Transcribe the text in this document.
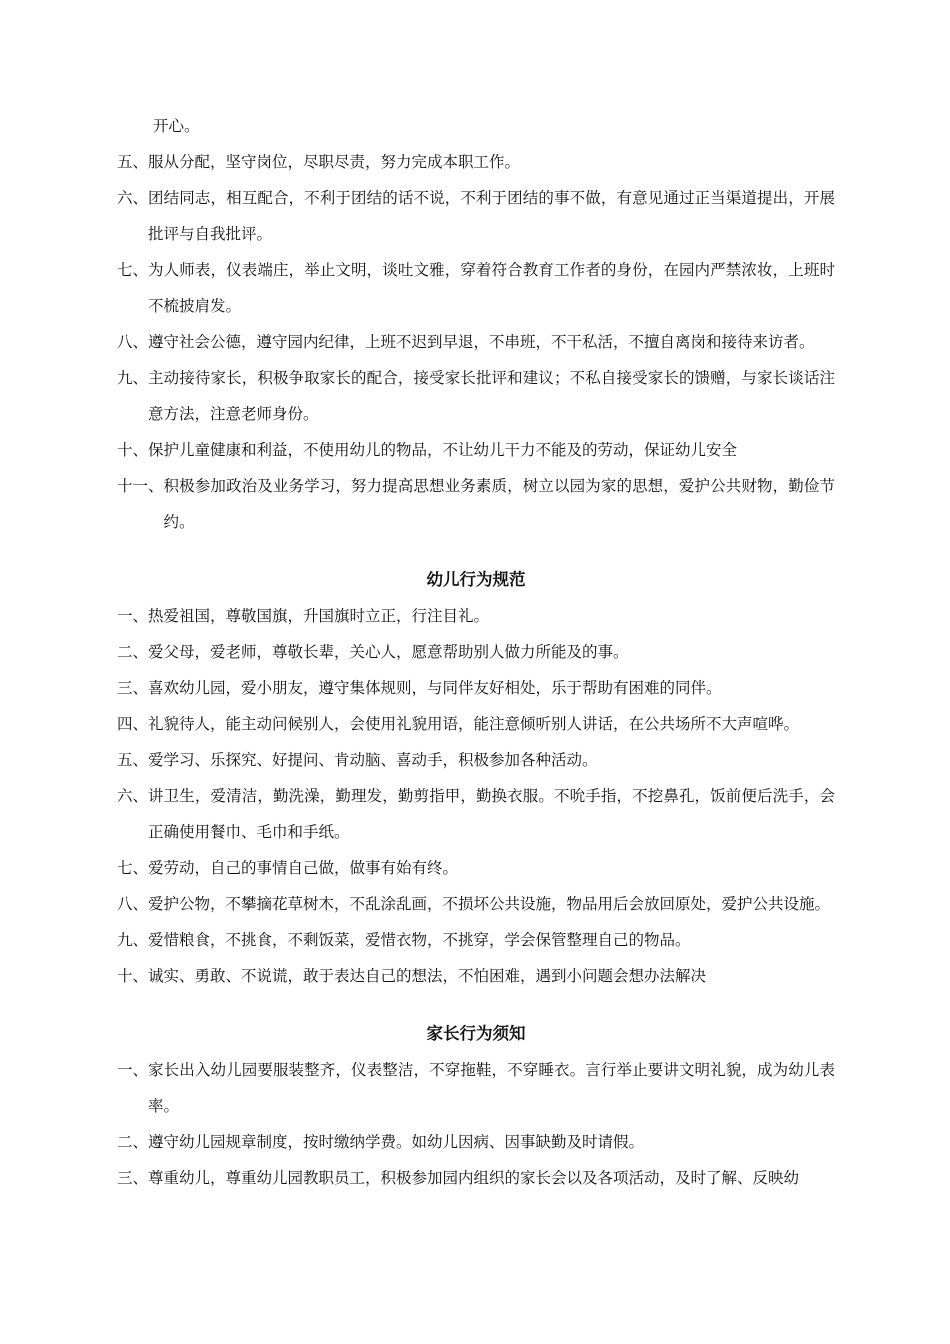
开心。
五、 服从分配，坚守岗位，尽职尽责，努力完成本职工作。
六、 团结同志，相互配合，不利于团结的话不说，不利于团结的事不做，有意见通过正当渠道提出，开展批评与自我批评。
七、 为人师表，仪表端庄，举止文明，谈吐文雅，穿着符合教育工作者的身份，在园内严禁浓妆，上班时不梳披肩发。
八、 遵守社会公德，遵守园内纪律，上班不迟到早退，不串班，不干私活，不擅自离岗和接待来访者。
九、 主动接待家长，积极争取家长的配合，接受家长批评和建议；不私自接受家长的馈赠，与家长谈话注意方法，注意老师身份。
十、 保护儿童健康和利益，不使用幼儿的物品，不让幼儿干力不能及的劳动，保证幼儿安全
十一、 积极参加政治及业务学习，努力提高思想业务素质，树立以园为家的思想，爱护公共财物，勤俭节约。
幼儿行为规范
一、 热爱祖国，尊敬国旗，升国旗时立正，行注目礼。
二、 爱父母，爱老师，尊敬长辈，关心人，愿意帮助别人做力所能及的事。
三、 喜欢幼儿园，爱小朋友，遵守集体规则，与同伴友好相处，乐于帮助有困难的同伴。
四、 礼貌待人，能主动问候别人，会使用礼貌用语，能注意倾听别人讲话，在公共场所不大声喧哗。
五、 爱学习、乐探究、好提问、肯动脑、喜动手，积极参加各种活动。
六、 讲卫生，爱清洁，勤洗澡，勤理发，勤剪指甲，勤换衣服。不吮手指，不挖鼻孔，饭前便后洗手，会正确使用餐巾、毛巾和手纸。
七、 爱劳动，自己的事情自己做，做事有始有终。
八、 爱护公物，不攀摘花草树木，不乱涂乱画，不损坏公共设施，物品用后会放回原处，爱护公共设施。
九、 爱惜粮食，不挑食，不剩饭菜，爱惜衣物，不挑穿，学会保管整理自己的物品。
十、 诚实、勇敢、不说谎，敢于表达自己的想法，不怕困难，遇到小问题会想办法解决
家长行为须知
一、 家长出入幼儿园要服装整齐，仪表整洁，不穿拖鞋，不穿睡衣。言行举止要讲文明礼貌，成为幼儿表率。
二、 遵守幼儿园规章制度，按时缴纳学费。如幼儿因病、因事缺勤及时请假。
三、 尊重幼儿，尊重幼儿园教职员工，积极参加园内组织的家长会以及各项活动，及时了解、反映幼
